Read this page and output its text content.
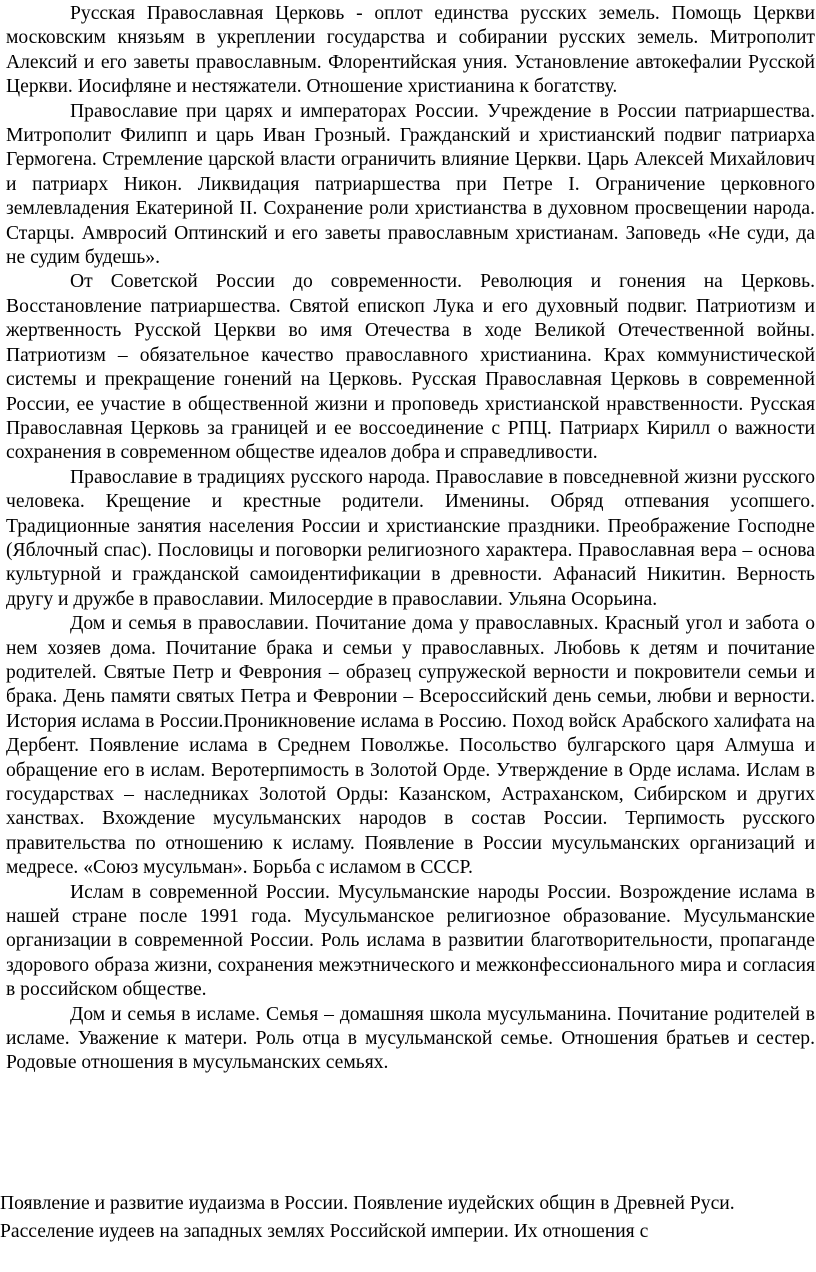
Русская Православная Церковь - оплот единства русских земель. Помощь Церкви московским князьям в укреплении государства и собирании русских земель. Митрополит Алексий и его заветы православным. Флорентийская уния. Установление автокефалии Русской Церкви. Иосифляне и нестяжатели. Отношение христианина к богатству.

Православие при царях и императорах России. Учреждение в России патриаршества. Митрополит Филипп и царь Иван Грозный. Гражданский и христианский подвиг патриарха Гермогена. Стремление царской власти ограничить влияние Церкви. Царь Алексей Михайлович и патриарх Никон. Ликвидация патриаршества при Петре I. Ограничение церковного землевладения Екатериной II. Сохранение роли христианства в духовном просвещении народа. Старцы. Амвросий Оптинский и его заветы православным христианам. Заповедь «Не суди, да не судим будешь».

От Советской России до современности. Революция и гонения на Церковь. Восстановление патриаршества. Святой епископ Лука и его духовный подвиг. Патриотизм и жертвенность Русской Церкви во имя Отечества в ходе Великой Отечественной войны. Патриотизм – обязательное качество православного христианина. Крах коммунистической системы и прекращение гонений на Церковь. Русская Православная Церковь в современной России, ее участие в общественной жизни и проповедь христианской нравственности. Русская Православная Церковь за границей и ее воссоединение с РПЦ. Патриарх Кирилл о важности сохранения в современном обществе идеалов добра и справедливости.

Православие в традициях русского народа. Православие в повседневной жизни русского человека. Крещение и крестные родители. Именины. Обряд отпевания усопшего. Традиционные занятия населения России и христианские праздники. Преображение Господне (Яблочный спас). Пословицы и поговорки религиозного характера. Православная вера – основа культурной и гражданской самоидентификации в древности. Афанасий Никитин. Верность другу и дружбе в православии. Милосердие в православии. Ульяна Осорьина.

Дом и семья в православии. Почитание дома у православных. Красный угол и забота о нем хозяев дома. Почитание брака и семьи у православных. Любовь к детям и почитание родителей. Святые Петр и Феврония – образец супружеской верности и покровители семьи и брака. День памяти святых Петра и Февронии – Всероссийский день семьи, любви и верности. История ислама в России.Проникновение ислама в Россию. Поход войск Арабского халифата на Дербент. Появление ислама в Среднем Поволжье. Посольство булгарского царя Алмуша и обращение его в ислам. Веротерпимость в Золотой Орде. Утверждение в Орде ислама. Ислам в государствах – наследниках Золотой Орды: Казанском, Астраханском, Сибирском и других ханствах. Вхождение мусульманских народов в состав России. Терпимость русского правительства по отношению к исламу. Появление в России мусульманских организаций и медресе. «Союз мусульман». Борьба с исламом в СССР.

Ислам в современной России. Мусульманские народы России. Возрождение ислама в нашей стране после 1991 года. Мусульманское религиозное образование. Мусульманские организации в современной России. Роль ислама в развитии благотворительности, пропаганде здорового образа жизни, сохранения межэтнического и межконфессионального мира и согласия в российском обществе.

Дом и семья в исламе. Семья – домашняя школа мусульманина. Почитание родителей в исламе. Уважение к матери. Роль отца в мусульманской семье. Отношения братьев и сестер. Родовые отношения в мусульманских семьях.

Появление и развитие иудаизма в России. Появление иудейских общин в Древней Руси.

Расселение иудеев на западных землях Российской империи. Их отношения с
